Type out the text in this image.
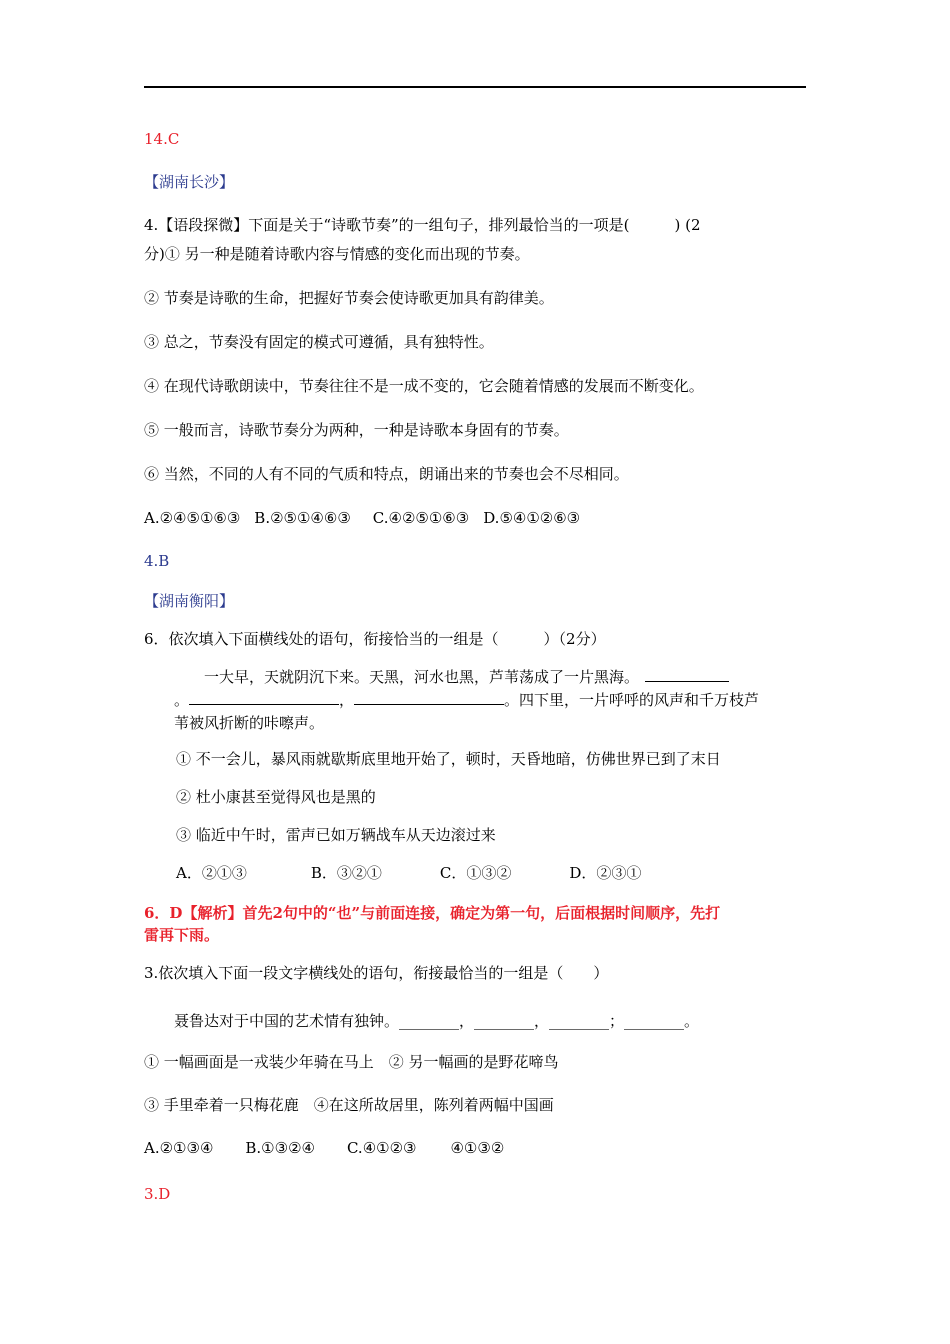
14.C
【湖南长沙】
4.【语段探微】下面是关于“诗歌节奏”的一组句子，排列最恰当的一项是(　　　) (2
分)① 另一种是随着诗歌内容与情感的变化而出现的节奏。
② 节奏是诗歌的生命，把握好节奏会使诗歌更加具有韵律美。
③ 总之，节奏没有固定的模式可遵循，具有独特性。
④ 在现代诗歌朗读中，节奏往往不是一成不变的，它会随着情感的发展而不断变化。
⑤ 一般而言，诗歌节奏分为两种，一种是诗歌本身固有的节奏。
⑥ 当然，不同的人有不同的气质和特点，朗诵出来的节奏也会不尽相同。
A.②④⑤①⑥③ B.②⑤①④⑥③ C.④②⑤①⑥③ D.⑤④①②⑥③
4.B
【湖南衡阳】
6．依次填入下面横线处的语句，衔接恰当的一组是（　　　）（2分）
一大早，天就阴沉下来。天黑，河水也黑，芦苇荡成了一片黑海。
。	，	。四下里，一片呼呼的风声和千万枝芦
苇被风折断的咔嚓声。
① 不一会儿，暴风雨就歇斯底里地开始了，顿时，天昏地暗，仿佛世界已到了末日
② 杜小康甚至觉得风也是黑的
③ 临近中午时，雷声已如万辆战车从天边滚过来
A．②①③	B．③②①	C．①③②	D．②③①
6．D【解析】首先2句中的“也”与前面连接，确定为第一句，后面根据时间顺序，先打
雷再下雨。
3.依次填入下面一段文字横线处的语句，衔接最恰当的一组是（　　）
聂鲁达对于中国的艺术情有独钟。________，________，________；________。
① 一幅画面是一戎装少年骑在马上　② 另一幅画的是野花啼鸟
③ 手里牵着一只梅花鹿　④在这所故居里，陈列着两幅中国画
A.②①③④ B.①③②④ C.④①②③ ④①③②
3.D
